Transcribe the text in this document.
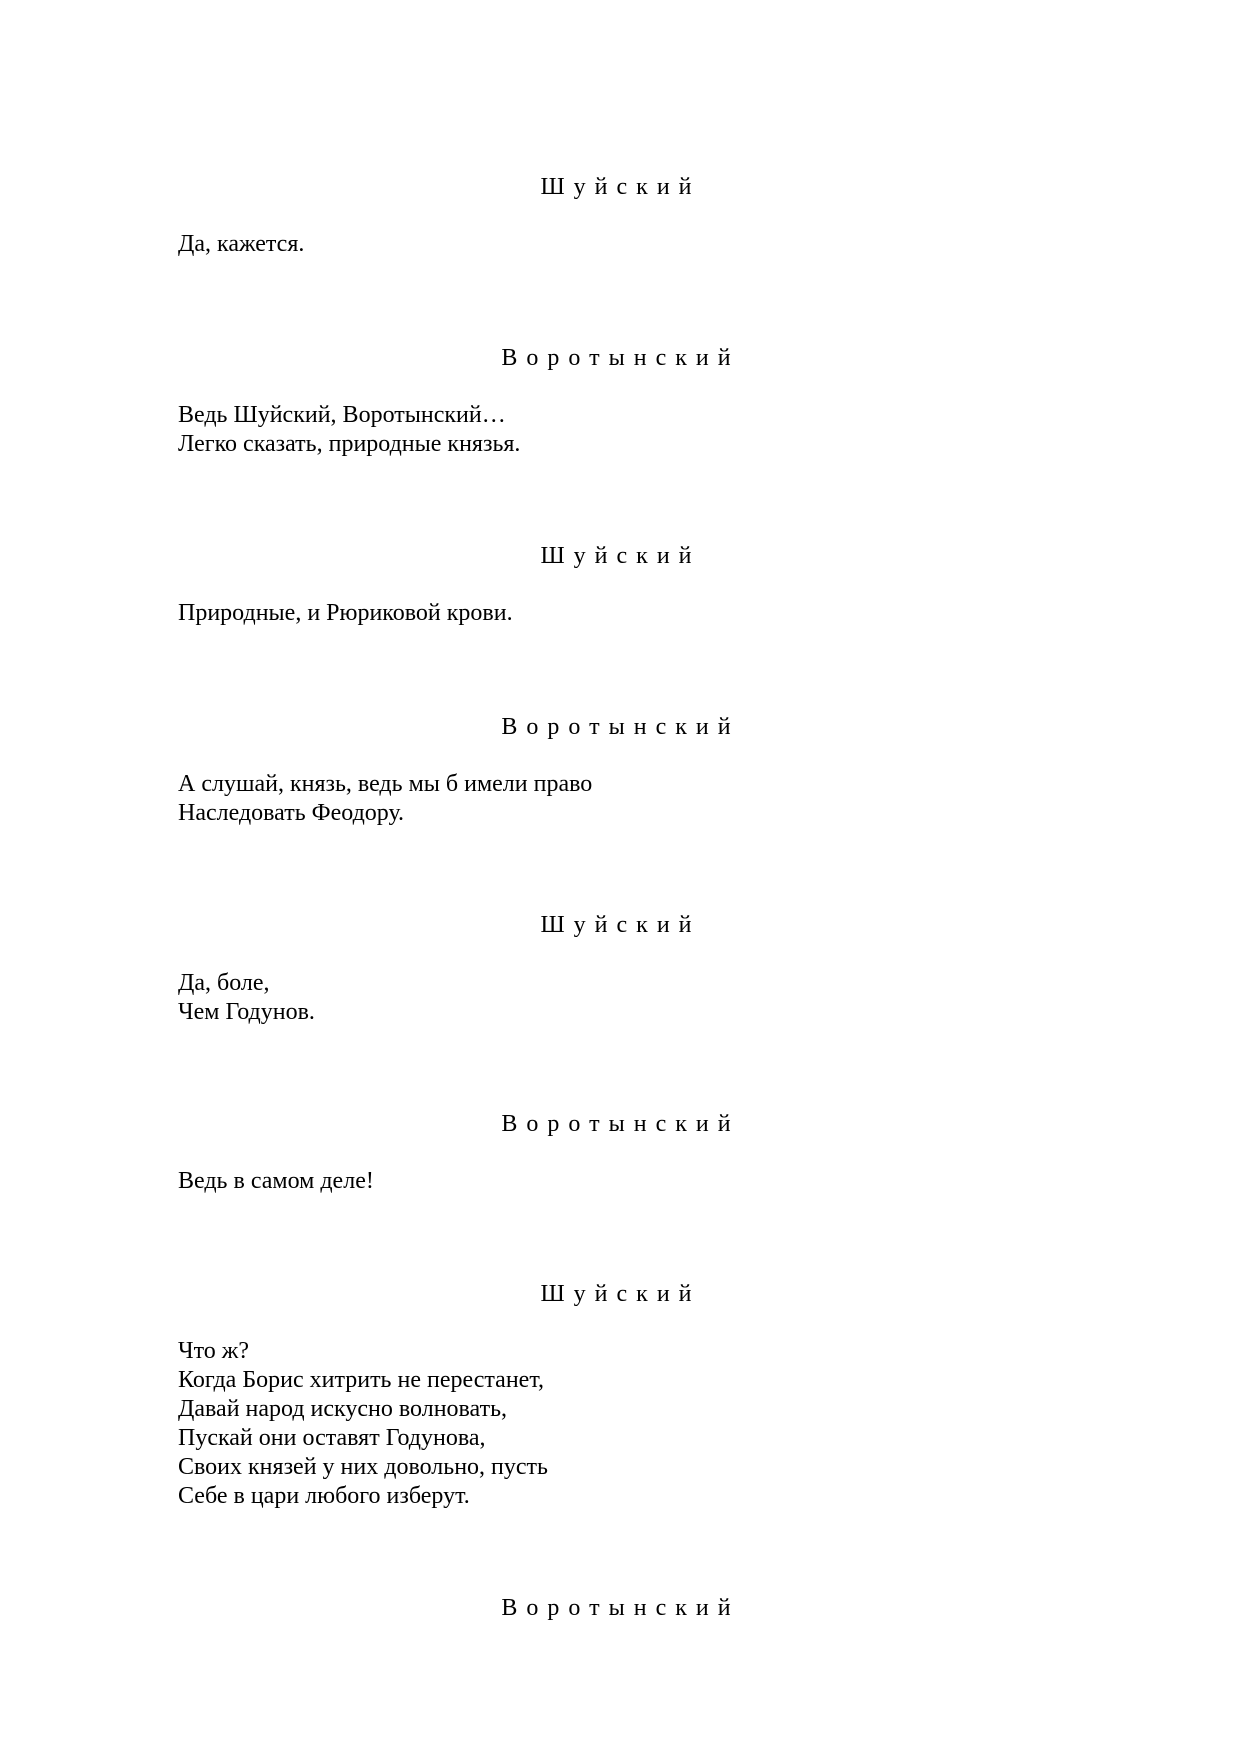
Шуйский
Да, кажется.
Воротынский
Ведь Шуйский, Воротынский…
Легко сказать, природные князья.
Шуйский
Природные, и Рюриковой крови.
Воротынский
А слушай, князь, ведь мы б имели право
Наследовать Феодору.
Шуйский
Да, боле,
Чем Годунов.
Воротынский
Ведь в самом деле!
Шуйский
Что ж?
Когда Борис хитрить не перестанет,
Давай народ искусно волновать,
Пускай они оставят Годунова,
Своих князей у них довольно, пусть
Себе в цари любого изберут.
Воротынский
